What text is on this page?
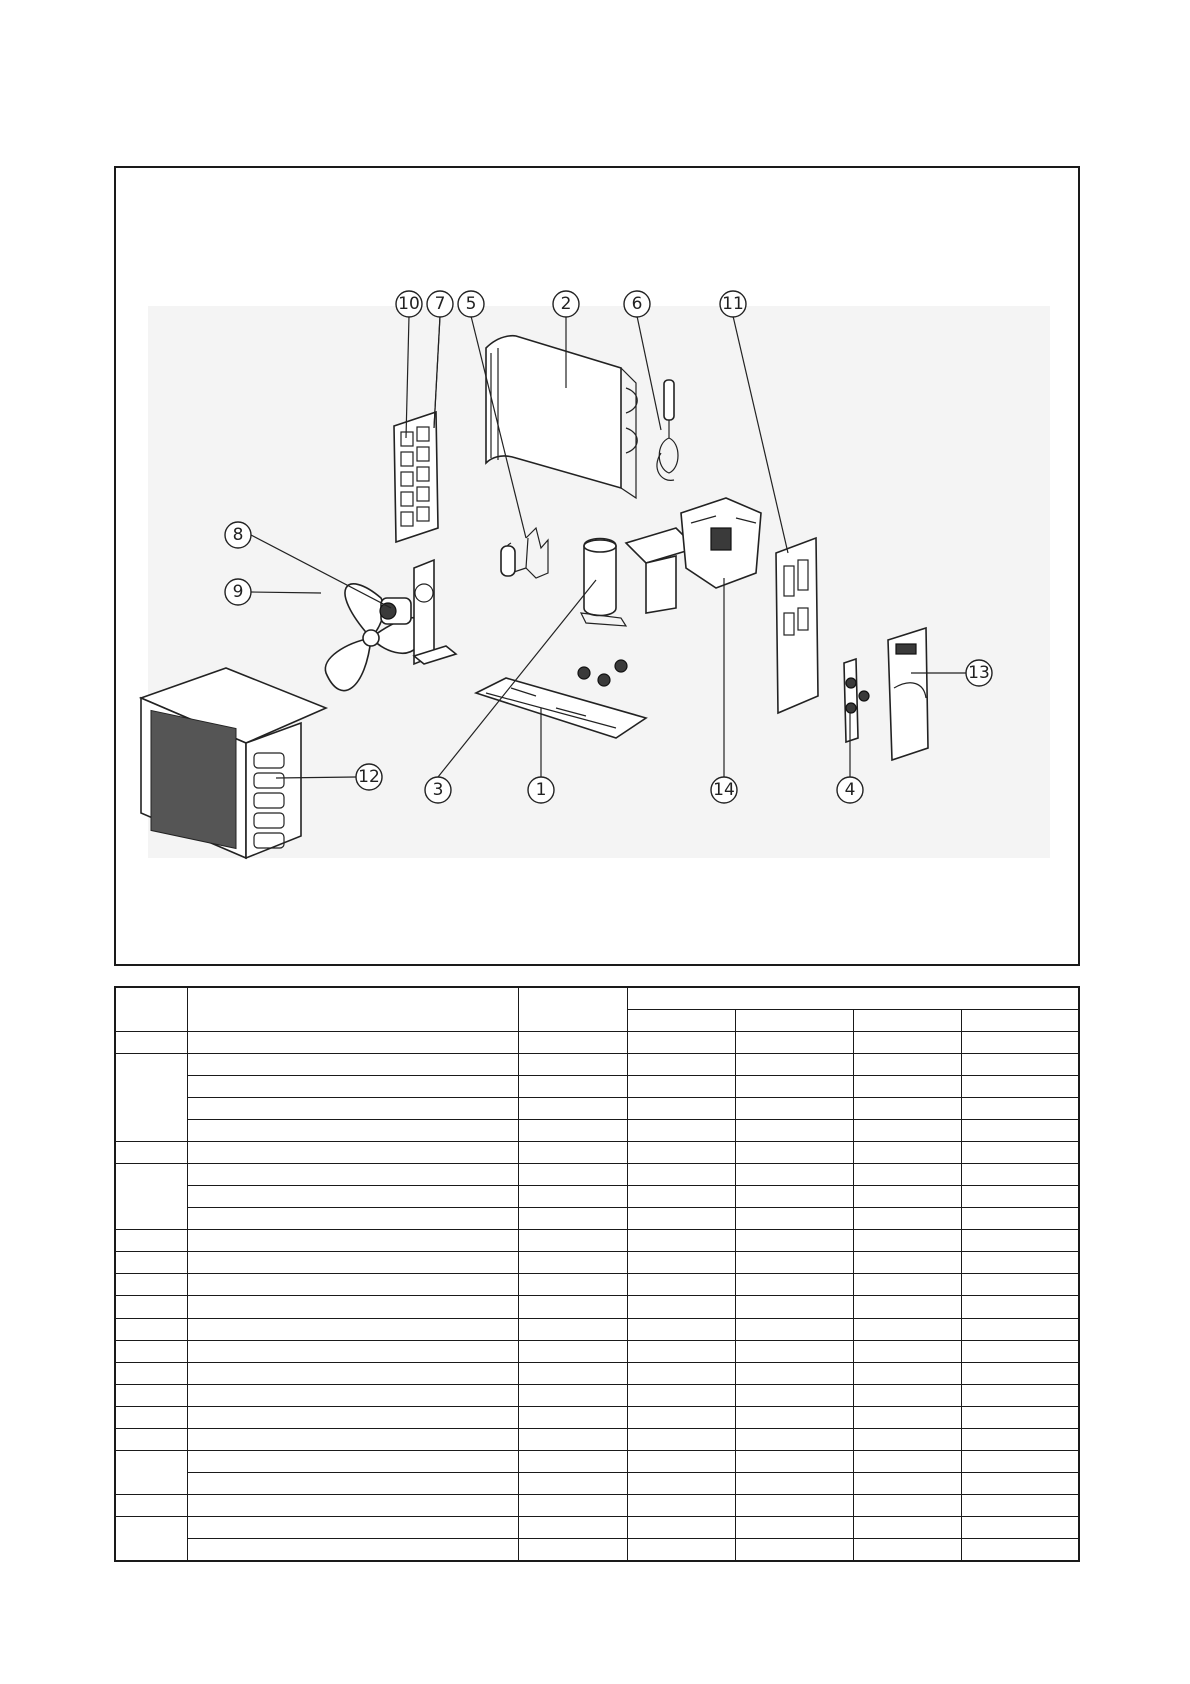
10 7 5	2	6	11
8
9
12
3	1	14	4
13
